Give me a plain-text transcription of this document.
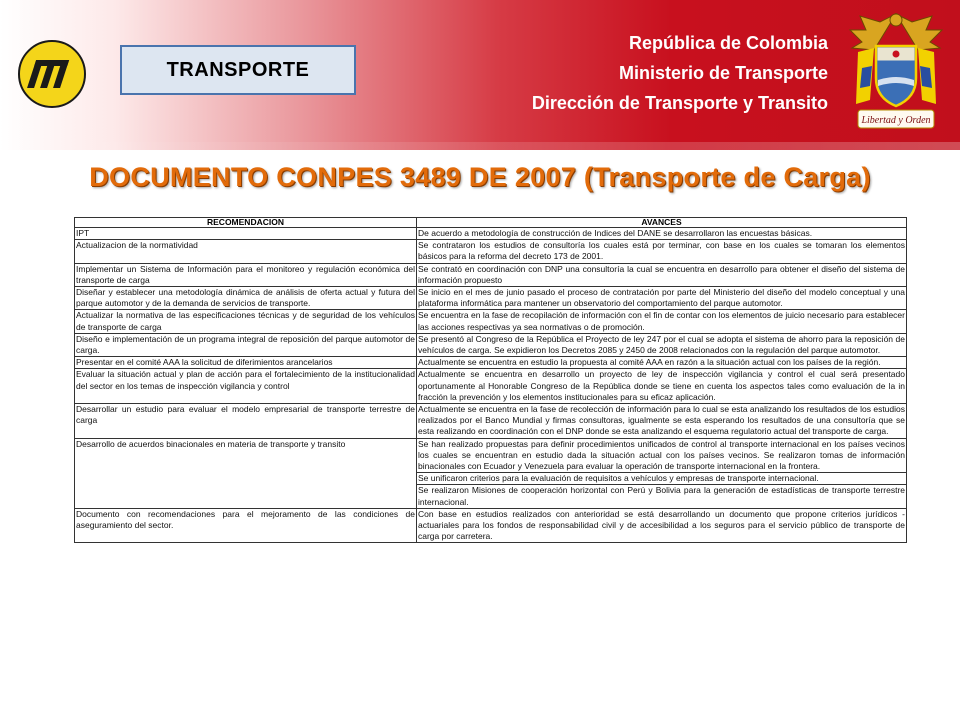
TRANSPORTE
República de Colombia
Ministerio de Transporte
Dirección de Transporte y Transito
Libertad y Orden
DOCUMENTO CONPES 3489 DE 2007 (Transporte de Carga)
RECOMENDACION	AVANCES
IPT	De acuerdo a metodología de construcción de Indices del DANE se desarrollaron las encuestas básicas.
Actualizacion de la normatividad	Se contrataron los estudios de consultoría los cuales está por terminar, con base en los cuales se tomaran los elementos básicos para la reforma del decreto 173 de 2001.
Implementar un Sistema de Información para el monitoreo y regulación económica del transporte de carga	Se contrató en coordinación con DNP una consultoría la cual se encuentra en desarrollo para obtener el diseño del sistema de información propuesto
Diseñar y establecer una metodología dinámica de análisis de oferta actual y futura del parque automotor y de la demanda de servicios de transporte.	Se inicio en el mes de junio pasado el proceso de contratación por parte del Ministerio del diseño del modelo conceptual y una plataforma informática para mantener un observatorio del comportamiento del parque automotor.
Actualizar la normativa de las especificaciones técnicas y de seguridad de los vehículos de transporte de carga	Se encuentra en la fase de recopilación de información con el fin de contar con los elementos de juicio necesario para establecer las acciones respectivas ya sea normativas o de promoción.
Diseño e implementación de un programa integral de reposición del parque automotor de carga.	Se presentó al Congreso de la República el Proyecto de ley 247 por el cual se adopta el sistema de ahorro para la reposición de vehículos de carga. Se expidieron los Decretos 2085 y 2450 de 2008 relacionados con la regulación del parque automotor.
Presentar en el comité AAA la solicitud de diferimientos arancelarios	Actualmente se encuentra en estudio la propuesta al comité AAA en razón a la situación actual con los países de la región.
Evaluar la situación actual y plan de acción para el fortalecimiento de la institucionalidad del sector en los temas de inspección vigilancia y control	Actualmente se encuentra en desarrollo un proyecto de ley de inspección vigilancia y control el cual será presentado oportunamente al Honorable Congreso de la República donde se tiene en cuenta los aspectos tales como evaluación de la in fracción la prevención y los elementos institucionales para su eficaz aplicación.
Desarrollar un estudio para evaluar el modelo empresarial de transporte terrestre de carga	Actualmente se encuentra en la fase de recolección de información para lo cual se esta analizando los resultados de los estudios realizados por el Banco Mundial y firmas consultoras, igualmente se esta esperando los resultados de una consultoría que se esta realizando en coordinación con el DNP donde se esta analizando el esquema regulatorio actual del transporte de carga.
Desarrollo de acuerdos binacionales en materia de transporte y transito	Se han realizado propuestas para definir procedimientos unificados de control al transporte internacional en los países vecinos los cuales se encuentran en estudio dada la situación actual con los países vecinos. Se realizaron tomas de información binacionales con Ecuador y Venezuela para evaluar la operación de transporte internacional en la frontera.
	Se unificaron criterios para la evaluación de requisitos a vehículos y empresas de transporte internacional.
	Se realizaron Misiones de cooperación horizontal con Perú y Bolivia para la generación de estadísticas de transporte terrestre internacional.
Documento con recomendaciones para el mejoramento de las condiciones de aseguramiento del sector.	Con base en estudios realizados con anterioridad se está desarrollando un documento que propone criterios jurídicos - actuariales para los fondos de responsabilidad civil y de accesibilidad a los seguros para el servicio público de transporte de carga por carretera.
